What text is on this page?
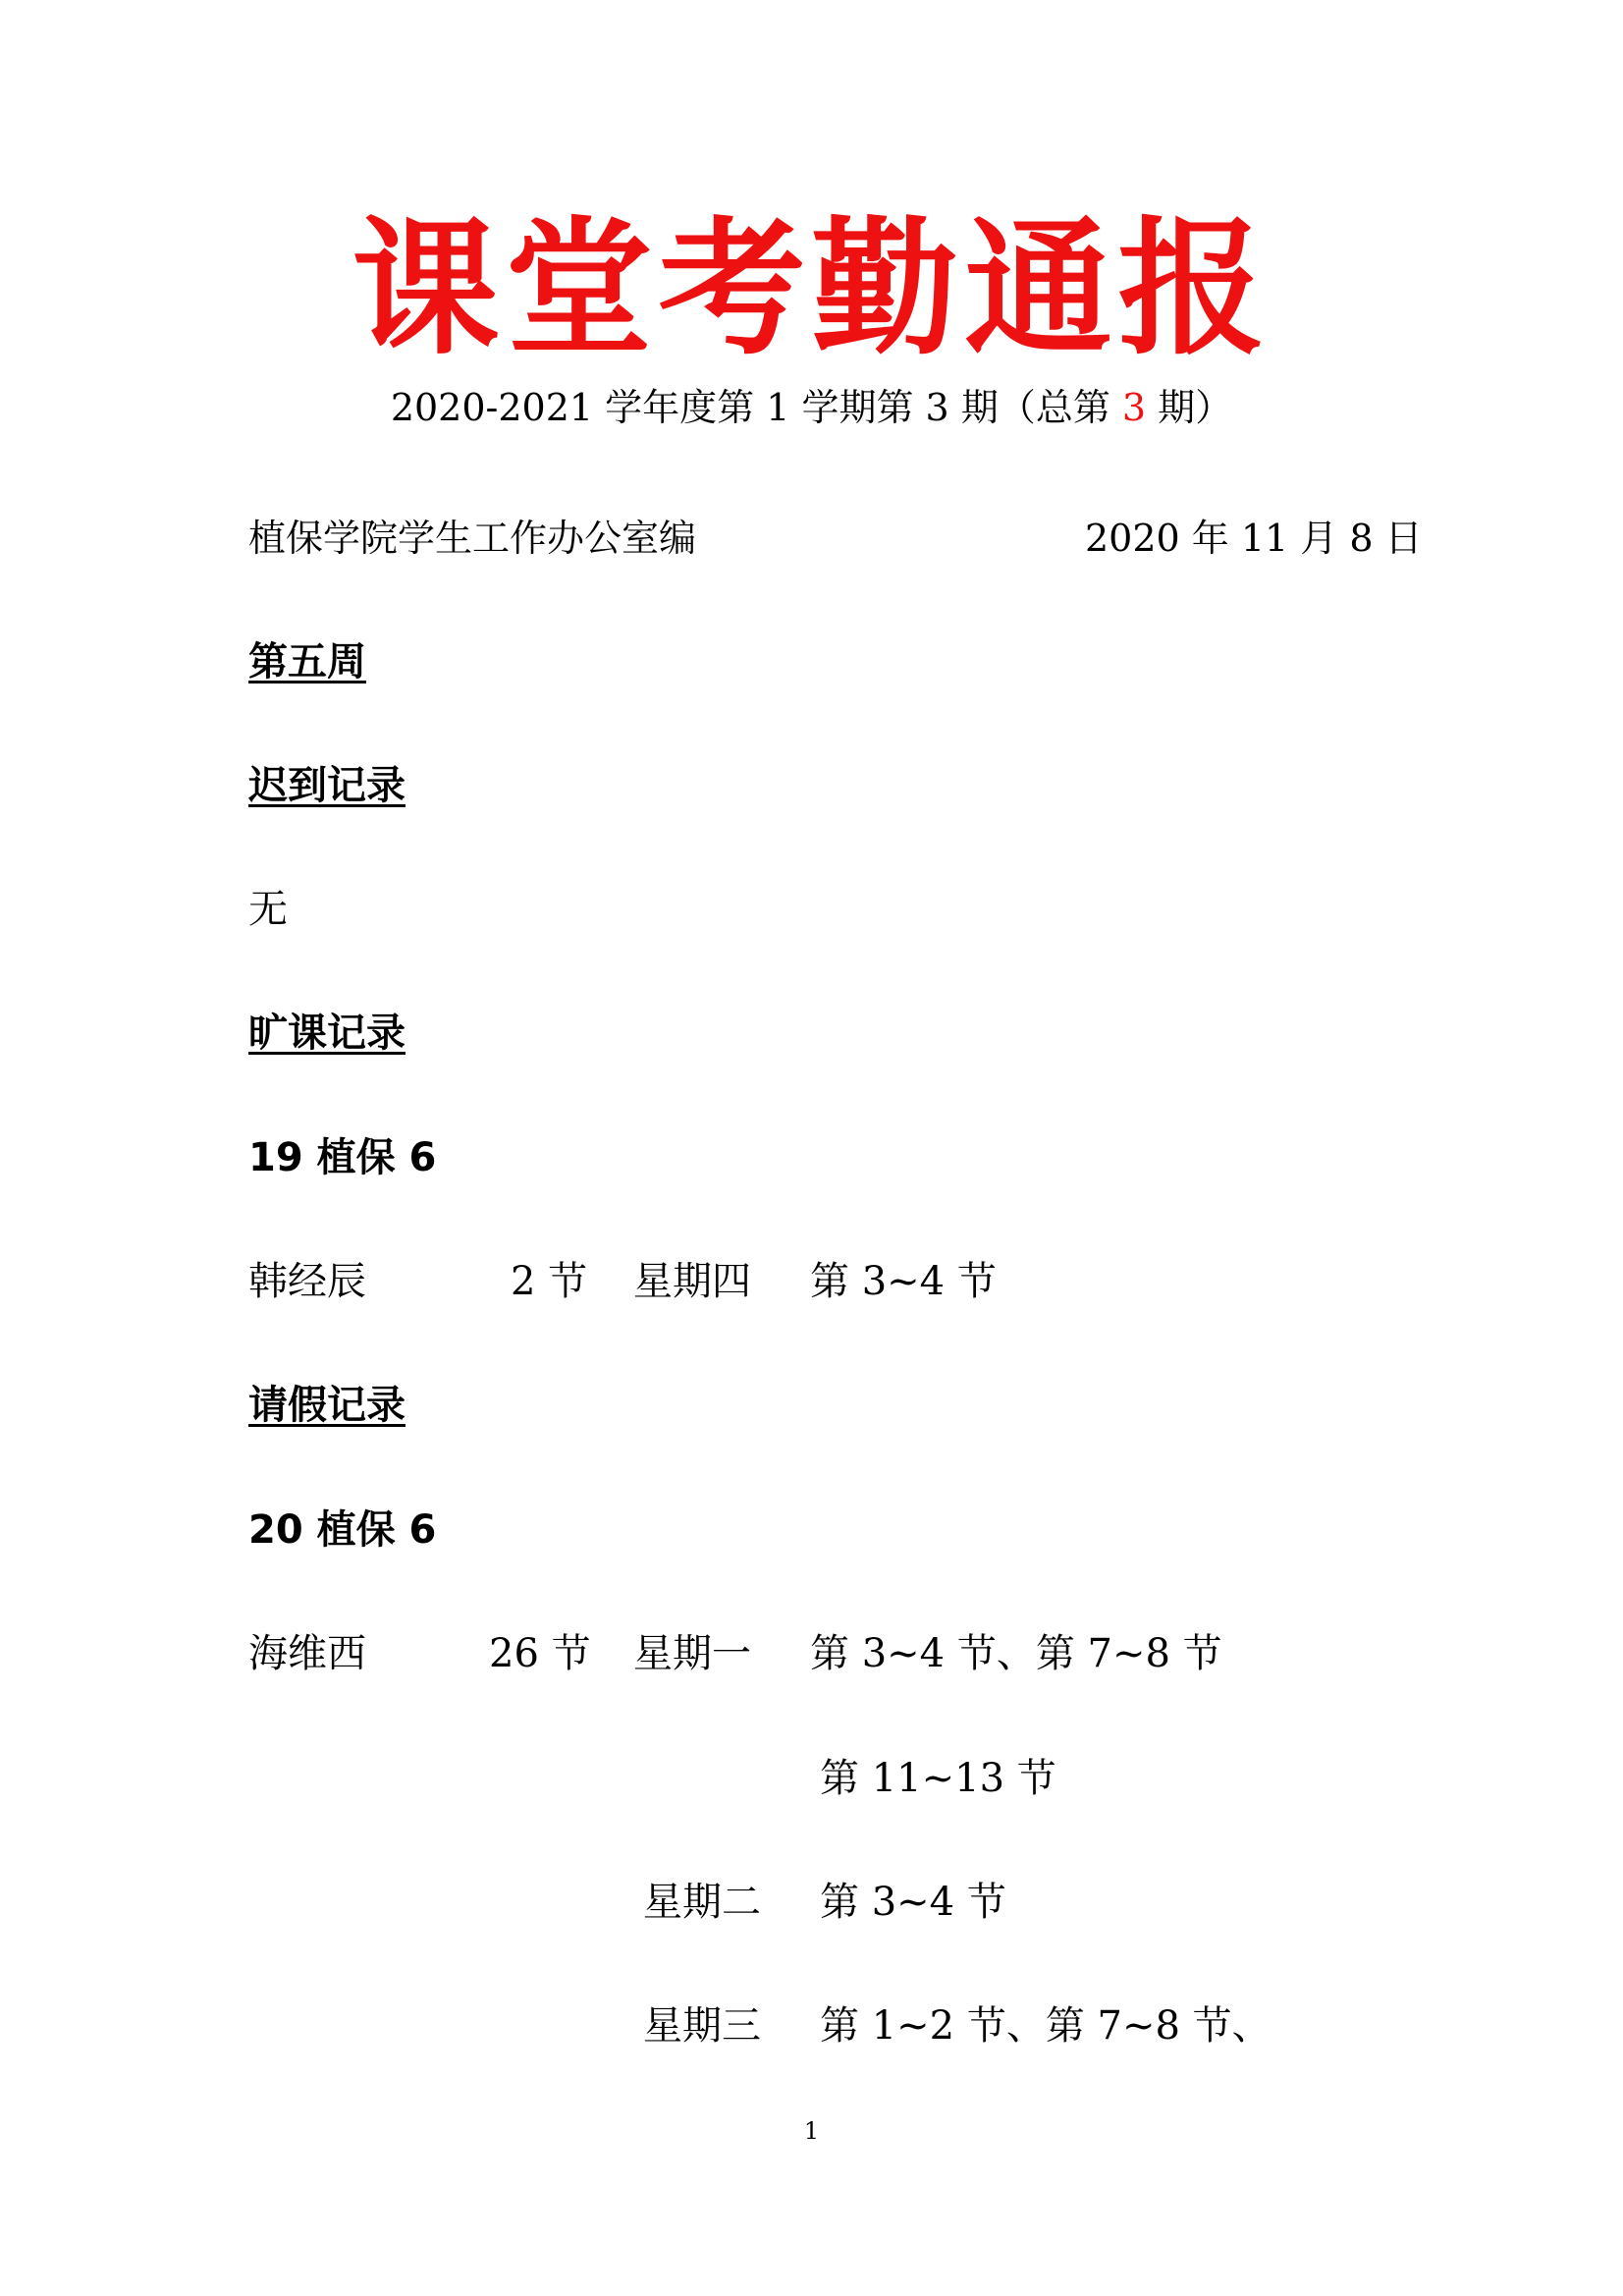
课堂考勤通报
2020-2021 学年度第 1 学期第 3 期（总第 3 期）
植保学院学生工作办公室编	2020 年 11 月 8 日
第五周
迟到记录
无
旷课记录
19 植保 6
韩经辰	2 节 星期四 第 3~4 节
请假记录
20 植保 6
海维西	26 节 星期一 第 3~4 节、第 7~8 节
第 11~13 节
星期二 第 3~4 节
星期三 第 1~2 节、第 7~8 节、
1
